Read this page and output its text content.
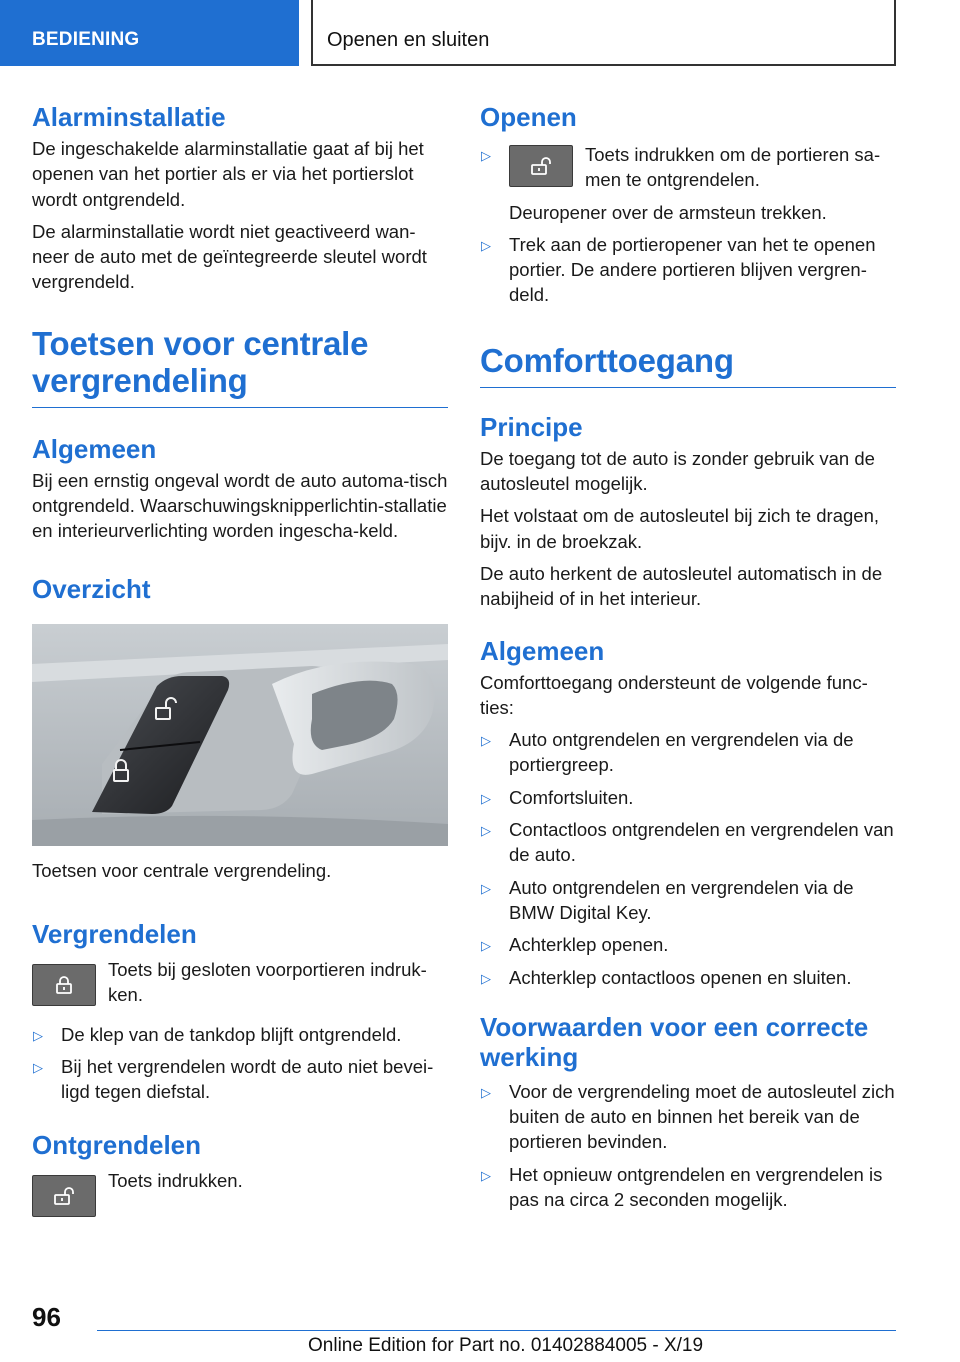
BEDIENING	Openen en sluiten
Alarminstallatie

De ingeschakelde alarminstallatie gaat af bij het openen van het portier als er via het portierslot wordt ontgrendeld.

De alarminstallatie wordt niet geactiveerd wan-neer de auto met de geïntegreerde sleutel wordt vergrendeld.

Toetsen voor centrale vergrendeling
Algemeen

Bij een ernstig ongeval wordt de auto automa-tisch ontgrendeld. Waarschuwingsknipperlichtin-stallatie en interieurverlichting worden ingescha-keld.

Overzicht

Toetsen voor centrale vergrendeling.

Vergrendelen
Toets bij gesloten voorportieren indruk-ken.
▷ De klep van de tankdop blijft ontgrendeld.
▷ Bij het vergrendelen wordt de auto niet bevei-ligd tegen diefstal.
Ontgrendelen
Toets indrukken.
Openen
▷	Toets indrukken om de portieren sa-men te ontgrendelen.

Deuropener over de armsteun trekken.

▷ Trek aan de portieropener van het te openen portier. De andere portieren blijven vergren-deld.
Comforttoegang
Principe

De toegang tot de auto is zonder gebruik van de autosleutel mogelijk.

Het volstaat om de autosleutel bij zich te dragen, bijv. in de broekzak.

De auto herkent de autosleutel automatisch in de nabijheid of in het interieur.

Algemeen

Comforttoegang ondersteunt de volgende func-ties:

▷ Auto ontgrendelen en vergrendelen via de portiergreep.
▷ Comfortsluiten.
▷ Contactloos ontgrendelen en vergrendelen van de auto.
▷ Auto ontgrendelen en vergrendelen via de BMW Digital Key.
▷ Achterklep openen.
▷ Achterklep contactloos openen en sluiten.
Voorwaarden voor een correcte werking
▷ Voor de vergrendeling moet de autosleutel zich buiten de auto en binnen het bereik van de portieren bevinden.
▷ Het opnieuw ontgrendelen en vergrendelen is pas na circa 2 seconden mogelijk.
96
Online Edition for Part no. 01402884005 - X/19
